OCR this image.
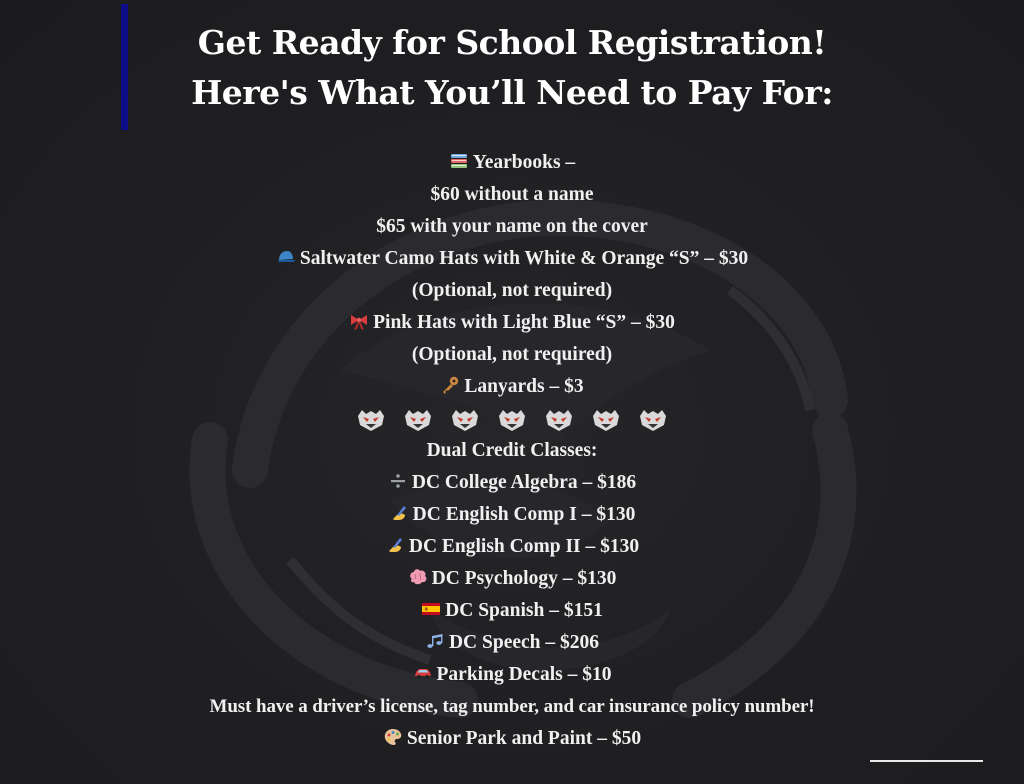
Get Ready for School Registration!
Here's What You’ll Need to Pay For:
Yearbooks –
$60 without a name
$65 with your name on the cover
Saltwater Camo Hats with White & Orange “S” – $30
(Optional, not required)
Pink Hats with Light Blue “S” – $30
(Optional, not required)
Lanyards – $3
Dual Credit Classes:
DC College Algebra – $186
DC English Comp I – $130
DC English Comp II – $130
DC Psychology – $130
DC Spanish – $151
DC Speech – $206
Parking Decals – $10
Must have a driver’s license, tag number, and car insurance policy number!
Senior Park and Paint – $50
